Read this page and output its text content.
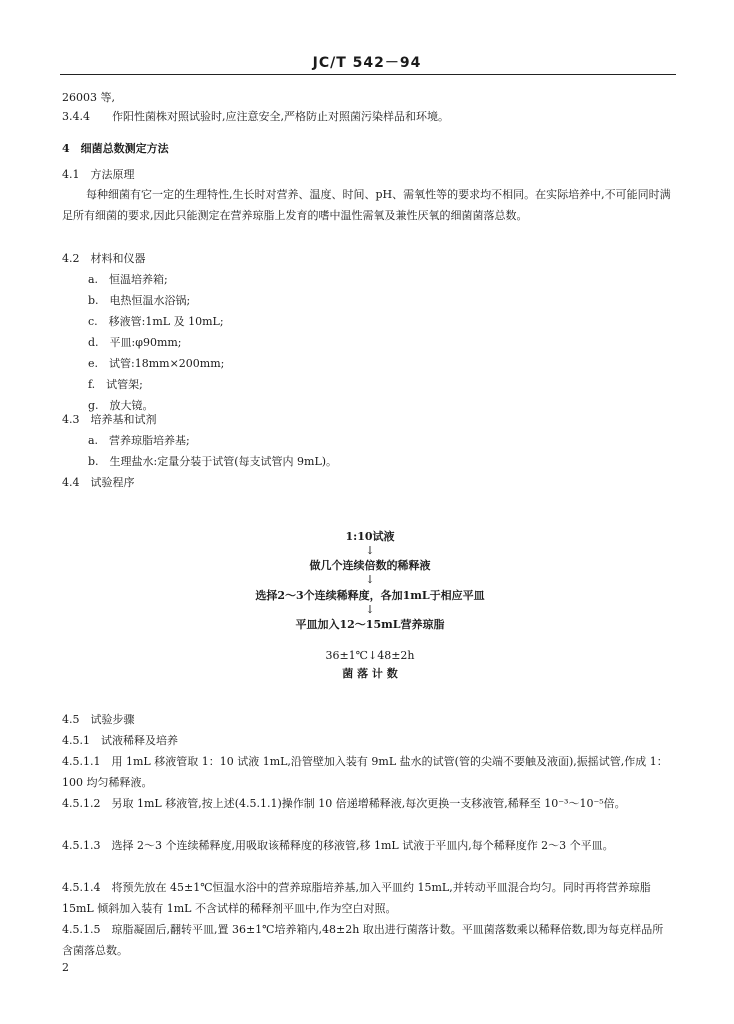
JC/T 542－94
26003 等,
3.4.4 作阳性菌株对照试验时,应注意安全,严格防止对照菌污染样品和环境。
4　细菌总数测定方法
4.1　方法原理
每种细菌有它一定的生理特性,生长时对营养、温度、时间、pH、需氧性等的要求均不相同。在实际培养中,不可能同时满足所有细菌的要求,因此只能测定在营养琼脂上发育的嗜中温性需氧及兼性厌氧的细菌菌落总数。
4.2　材料和仪器
a.　恒温培养箱;
b.　电热恒温水浴锅;
c.　移液管:1mL 及 10mL;
d.　平皿:φ90mm;
e.　试管:18mm×200mm;
f.　试管架;
g.　放大镜。
4.3　培养基和试剂
a.　营养琼脂培养基;
b.　生理盐水:定量分装于试管(每支试管内 9mL)。
4.4　试验程序
1:10试液
↓
做几个连续倍数的稀释液
↓
选择2～3个连续稀释度，各加1mL于相应平皿
↓
平皿加入12～15mL营养琼脂
36±1℃↓48±2h
菌 落 计 数
4.5　试验步骤
4.5.1　试液稀释及培养
4.5.1.1　用 1mL 移液管取 1：10 试液 1mL,沿管壁加入装有 9mL 盐水的试管(管的尖端不要触及液面),振摇试管,作成 1：100 均匀稀释液。
4.5.1.2　另取 1mL 移液管,按上述(4.5.1.1)操作制 10 倍递增稀释液,每次更换一支移液管,稀释至 10⁻³～10⁻⁵倍。
4.5.1.3　选择 2～3 个连续稀释度,用吸取该稀释度的移液管,移 1mL 试液于平皿内,每个稀释度作 2～3 个平皿。
4.5.1.4　将预先放在 45±1℃恒温水浴中的营养琼脂培养基,加入平皿约 15mL,并转动平皿混合均匀。同时再将营养琼脂 15mL 倾斜加入装有 1mL 不含试样的稀释剂平皿中,作为空白对照。
4.5.1.5　琼脂凝固后,翻转平皿,置 36±1℃培养箱内,48±2h 取出进行菌落计数。平皿菌落数乘以稀释倍数,即为每克样品所含菌落总数。
2
